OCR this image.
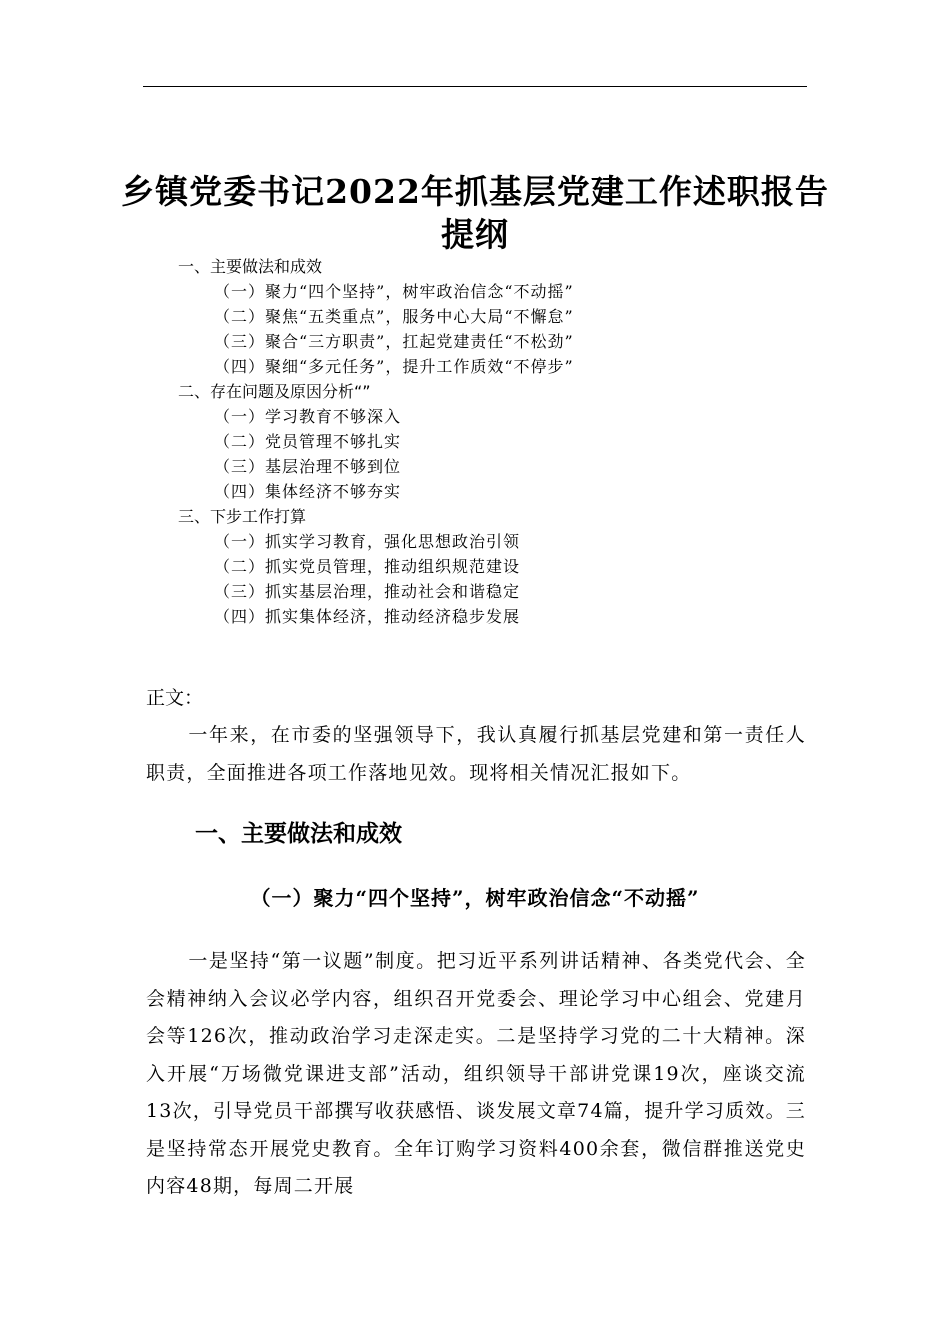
乡镇党委书记2022年抓基层党建工作述职报告
提纲
一、主要做法和成效
（一）聚力“四个坚持”，树牢政治信念“不动摇”
（二）聚焦“五类重点”，服务中心大局“不懈怠”
（三）聚合“三方职责”，扛起党建责任“不松劲”
（四）聚细“多元任务”，提升工作质效“不停步”
二、存在问题及原因分析“”
（一）学习教育不够深入
（二）党员管理不够扎实
（三）基层治理不够到位
（四）集体经济不够夯实
三、下步工作打算
（一）抓实学习教育，强化思想政治引领
（二）抓实党员管理，推动组织规范建设
（三）抓实基层治理，推动社会和谐稳定
（四）抓实集体经济，推动经济稳步发展
正文：
一年来，在市委的坚强领导下，我认真履行抓基层党建和第一责任人职责，全面推进各项工作落地见效。现将相关情况汇报如下。
一、主要做法和成效
（一）聚力“四个坚持”，树牢政治信念“不动摇”
一是坚持“第一议题”制度。把习近平系列讲话精神、各类党代会、全会精神纳入会议必学内容，组织召开党委会、理论学习中心组会、党建月会等126次，推动政治学习走深走实。二是坚持学习党的二十大精神。深入开展“万场微党课进支部”活动，组织领导干部讲党课19次，座谈交流13次，引导党员干部撰写收获感悟、谈发展文章74篇，提升学习质效。三是坚持常态开展党史教育。全年订购学习资料400余套，微信群推送党史内容48期，每周二开展
